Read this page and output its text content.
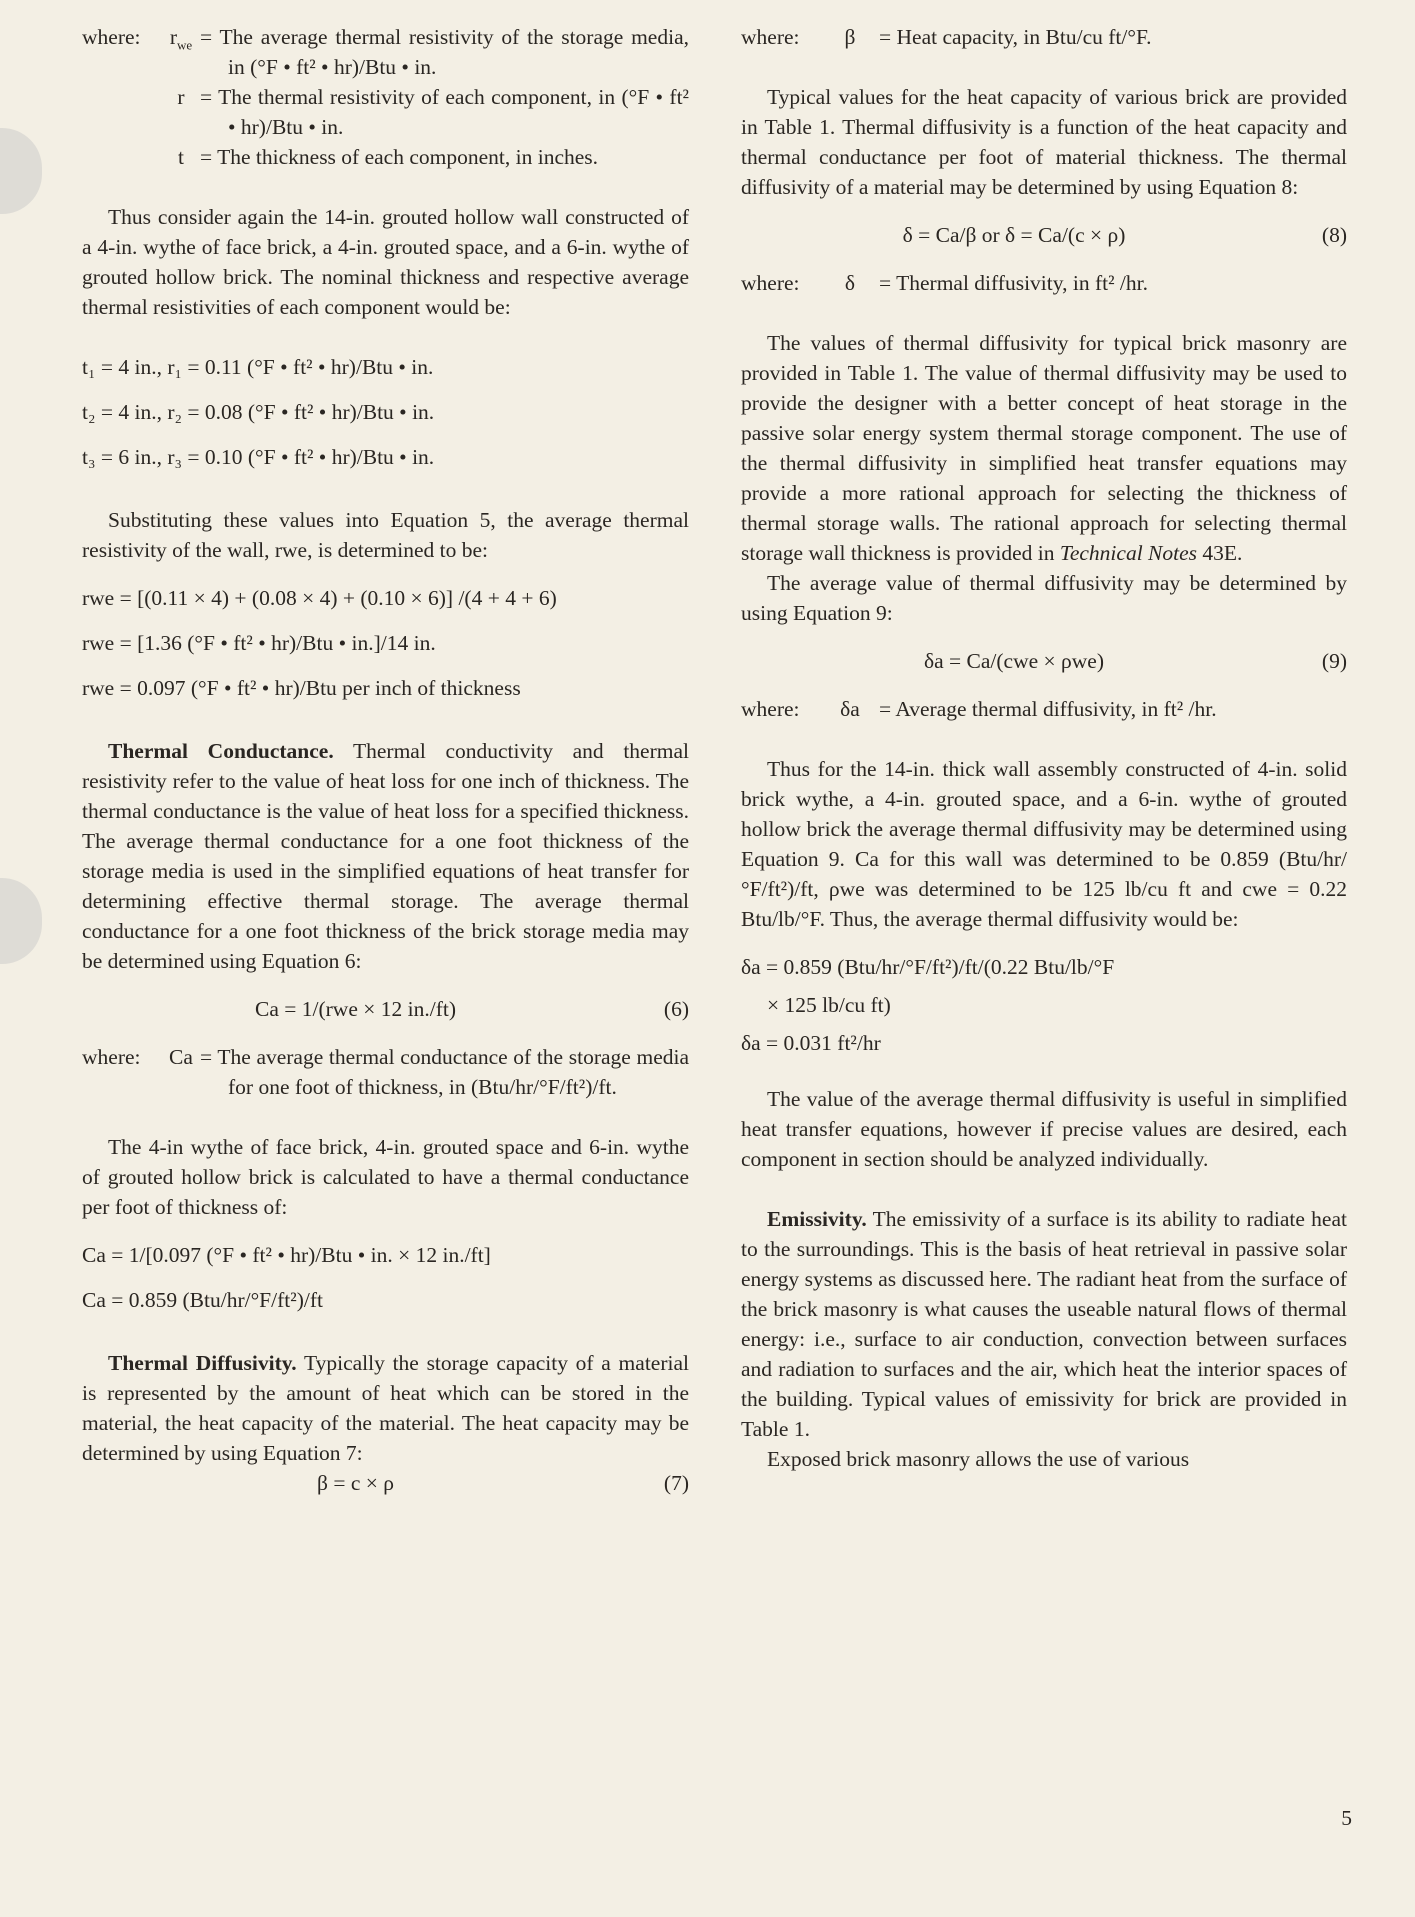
where:	$r_{we}$ = The average thermal resistivity of the storage media, in (°F • ft² • hr)/Btu • in.
r = The thermal resistivity of each component, in (°F • ft² • hr)/Btu • in.
t = The thickness of each component, in inches.

Thus consider again the 14-in. grouted hollow wall constructed of a 4-in. wythe of face brick, a 4-in. grouted space, and a 6-in. wythe of grouted hollow brick. The nominal thickness and respective average thermal resistivities of each component would be:

t₁ = 4 in., r₁ = 0.11 (°F • ft² • hr)/Btu • in.

t₂ = 4 in., r₂ = 0.08 (°F • ft² • hr)/Btu • in.

t₃ = 6 in., r₃ = 0.10 (°F • ft² • hr)/Btu • in.

Substituting these values into Equation 5, the average thermal resistivity of the wall, rwe, is determined to be:

rwe = [(0.11 × 4) + (0.08 × 4) + (0.10 × 6)] /(4 + 4 + 6)

rwe = [1.36 (°F • ft² • hr)/Btu • in.]/14 in.

rwe = 0.097 (°F • ft² • hr)/Btu per inch of thickness

Thermal Conductance. Thermal conductivity and thermal resistivity refer to the value of heat loss for one inch of thickness. The thermal conductance is the value of heat loss for a specified thickness. The average thermal conductance for a one foot thickness of the storage media is used in the simplified equations of heat transfer for determining effective thermal storage. The average thermal conductance for a one foot thickness of the brick storage media may be determined using Equation 6:

Ca = 1/(rwe × 12 in./ft)	(6)
where:	Ca = The average thermal conductance of the storage media for one foot of thickness, in (Btu/hr/°F/ft²)/ft.

The 4-in wythe of face brick, 4-in. grouted space and 6-in. wythe of grouted hollow brick is calculated to have a thermal conductance per foot of thickness of:

Ca = 1/[0.097 (°F • ft² • hr)/Btu • in. × 12 in./ft]

Ca = 0.859 (Btu/hr/°F/ft²)/ft

Thermal Diffusivity. Typically the storage capacity of a material is represented by the amount of heat which can be stored in the material, the heat capacity of the material. The heat capacity may be determined by using Equation 7:

β = c × ρ	(7)
where:	β	= Heat capacity, in Btu/cu ft/°F.

Typical values for the heat capacity of various brick are provided in Table 1. Thermal diffusivity is a function of the heat capacity and thermal conductance per foot of material thickness. The thermal diffusivity of a material may be determined by using Equation 8:

δ = Ca/β or δ = Ca/(c × ρ)	(8)
where:	δ	= Thermal diffusivity, in ft² /hr.

The values of thermal diffusivity for typical brick masonry are provided in Table 1. The value of thermal diffusivity may be used to provide the designer with a better concept of heat storage in the passive solar energy system thermal storage component. The use of the thermal diffusivity in simplified heat transfer equations may provide a more rational approach for selecting the thickness of thermal storage walls. The rational approach for selecting thermal storage wall thickness is provided in Technical Notes 43E.

The average value of thermal diffusivity may be determined by using Equation 9:

δa = Ca/(cwe × ρwe)	(9)
where:	δa = Average thermal diffusivity, in ft² /hr.

Thus for the 14-in. thick wall assembly constructed of 4-in. solid brick wythe, a 4-in. grouted space, and a 6-in. wythe of grouted hollow brick the average thermal diffusivity may be determined using Equation 9. Ca for this wall was determined to be 0.859 (Btu/hr/°F/ft²)/ft, ρwe was determined to be 125 lb/cu ft and cwe = 0.22 Btu/lb/°F. Thus, the average thermal diffusivity would be:

δa = 0.859 (Btu/hr/°F/ft²)/ft/(0.22 Btu/lb/°F

× 125 lb/cu ft)

δa = 0.031 ft²/hr

The value of the average thermal diffusivity is useful in simplified heat transfer equations, however if precise values are desired, each component in section should be analyzed individually.

Emissivity. The emissivity of a surface is its ability to radiate heat to the surroundings. This is the basis of heat retrieval in passive solar energy systems as discussed here. The radiant heat from the surface of the brick masonry is what causes the useable natural flows of thermal energy: i.e., surface to air conduction, convection between surfaces and radiation to surfaces and the air, which heat the interior spaces of the building. Typical values of emissivity for brick are provided in Table 1.

Exposed brick masonry allows the use of various

5
